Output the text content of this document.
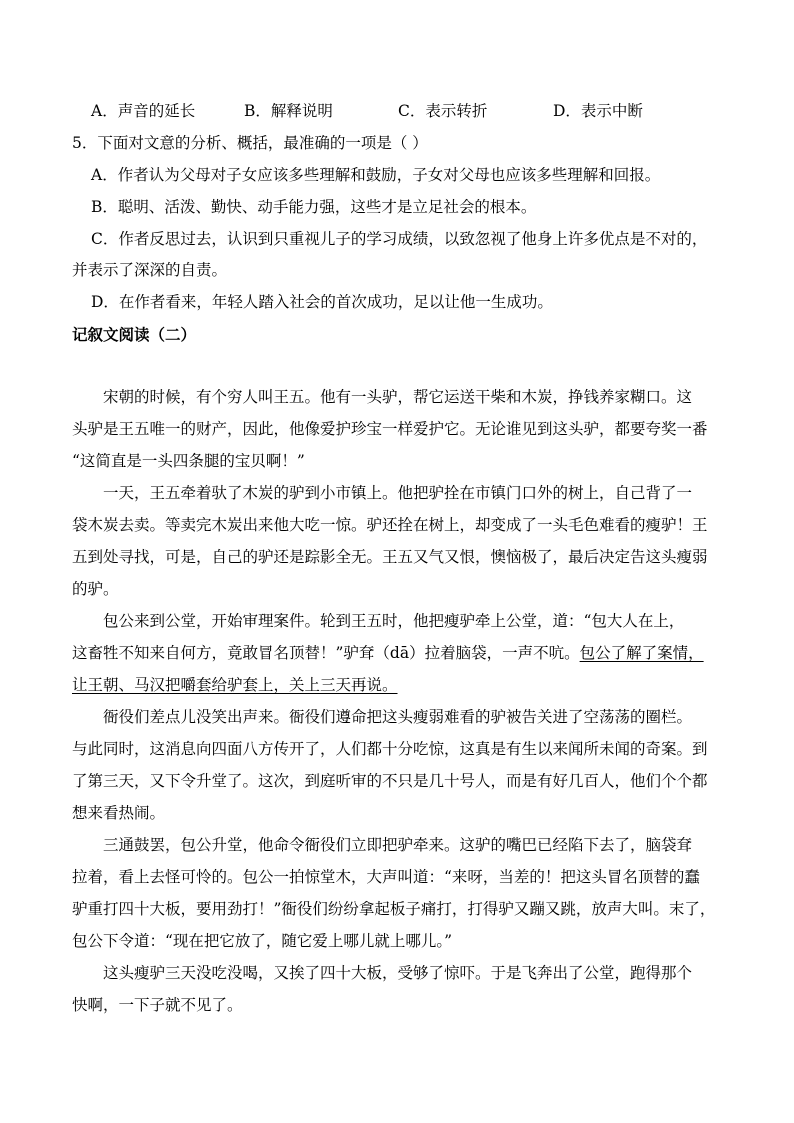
A．声音的延长	B．解释说明	C．表示转折	D．表示中断
5．下面对文意的分析、概括，最准确的一项是（ ）
A．作者认为父母对子女应该多些理解和鼓励，子女对父母也应该多些理解和回报。
B．聪明、活泼、勤快、动手能力强，这些才是立足社会的根本。
C．作者反思过去，认识到只重视儿子的学习成绩，以致忽视了他身上许多优点是不对的，
并表示了深深的自责。
D．在作者看来，年轻人踏入社会的首次成功，足以让他一生成功。
记叙文阅读（二）
宋朝的时候，有个穷人叫王五。他有一头驴，帮它运送干柴和木炭，挣钱养家糊口。这
头驴是王五唯一的财产，因此，他像爱护珍宝一样爱护它。无论谁见到这头驴，都要夸奖一番
“这简直是一头四条腿的宝贝啊！”
一天，王五牵着驮了木炭的驴到小市镇上。他把驴拴在市镇门口外的树上，自己背了一
袋木炭去卖。等卖完木炭出来他大吃一惊。驴还拴在树上，却变成了一头毛色难看的瘦驴！王
五到处寻找，可是，自己的驴还是踪影全无。王五又气又恨，懊恼极了，最后决定告这头瘦弱
的驴。
包公来到公堂，开始审理案件。轮到王五时，他把瘦驴牵上公堂，道：“包大人在上，
这畜牲不知来自何方，竟敢冒名顶替！”驴耷（dā）拉着脑袋，一声不吭。包公了解了案情，
让王朝、马汉把嚼套给驴套上，关上三天再说。
衙役们差点儿没笑出声来。衙役们遵命把这头瘦弱难看的驴被告关进了空荡荡的圈栏。
与此同时，这消息向四面八方传开了，人们都十分吃惊，这真是有生以来闻所未闻的奇案。到
了第三天，又下令升堂了。这次，到庭听审的不只是几十号人，而是有好几百人，他们个个都
想来看热闹。
三通鼓罢，包公升堂，他命令衙役们立即把驴牵来。这驴的嘴巴已经陷下去了，脑袋耷
拉着，看上去怪可怜的。包公一拍惊堂木，大声叫道：“来呀，当差的！把这头冒名顶替的蠢
驴重打四十大板，要用劲打！”衙役们纷纷拿起板子痛打，打得驴又蹦又跳，放声大叫。末了，
包公下令道：“现在把它放了，随它爱上哪儿就上哪儿。”
这头瘦驴三天没吃没喝，又挨了四十大板，受够了惊吓。于是飞奔出了公堂，跑得那个
快啊，一下子就不见了。
